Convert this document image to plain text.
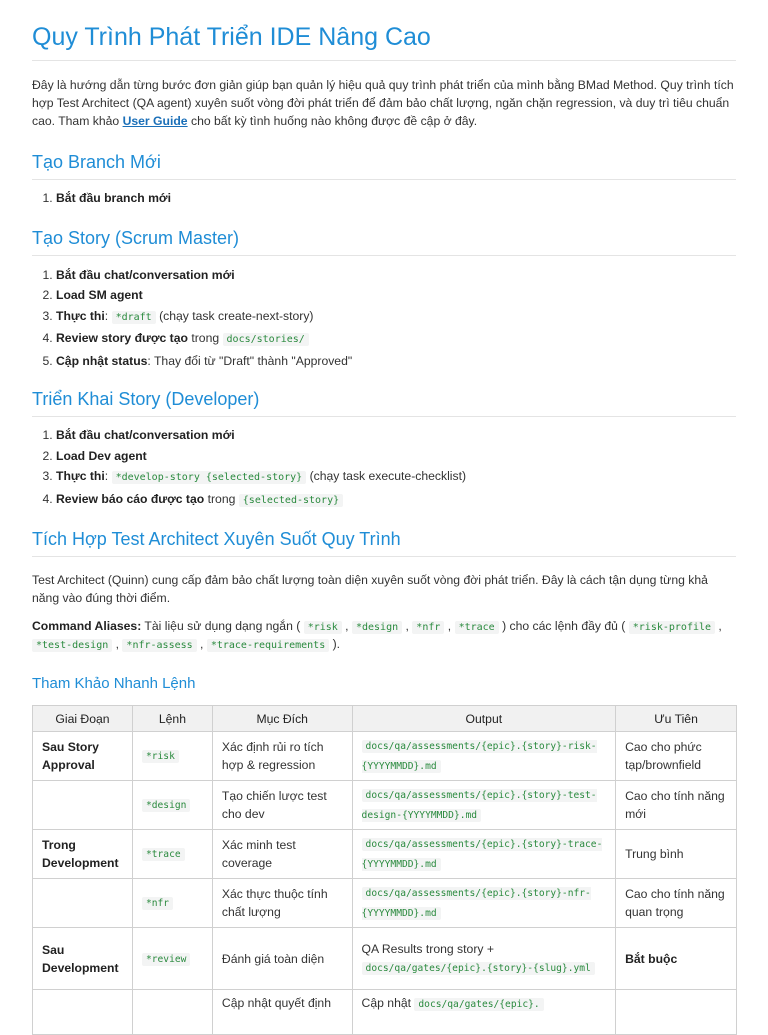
Quy Trình Phát Triển IDE Nâng Cao

Đây là hướng dẫn từng bước đơn giản giúp bạn quản lý hiệu quả quy trình phát triển của mình bằng BMad Method. Quy trình tích hợp Test Architect (QA agent) xuyên suốt vòng đời phát triển để đảm bảo chất lượng, ngăn chặn regression, và duy trì tiêu chuẩn cao. Tham khảo User Guide cho bất kỳ tình huống nào không được đề cập ở đây.

Tạo Branch Mới
1. Bắt đầu branch mới
Tạo Story (Scrum Master)
1. Bắt đầu chat/conversation mới
2. Load SM agent
3. Thực thi: *draft (chạy task create-next-story)
4. Review story được tạo trong docs/stories/
5. Cập nhật status: Thay đổi từ "Draft" thành "Approved"
Triển Khai Story (Developer)
1. Bắt đầu chat/conversation mới
2. Load Dev agent
3. Thực thi: *develop-story {selected-story} (chạy task execute-checklist)
4. Review báo cáo được tạo trong {selected-story}
Tích Hợp Test Architect Xuyên Suốt Quy Trình

Test Architect (Quinn) cung cấp đảm bảo chất lượng toàn diện xuyên suốt vòng đời phát triển. Đây là cách tận dụng từng khả năng vào đúng thời điểm.

Command Aliases: Tài liệu sử dụng dạng ngắn ( *risk , *design , *nfr , *trace ) cho các lệnh đầy đủ ( *risk-profile , *test-design , *nfr-assess , *trace-requirements ).

Tham Khảo Nhanh Lệnh
Giai Đoạn	Lệnh	Mục Đích	Output	Ưu Tiên
Sau Story Approval	*risk	Xác định rủi ro tích hợp & regression	docs/qa/assessments/{epic}.{story}-risk-{YYYYMMDD}.md	Cao cho phức tạp/brownfield
	*design	Tạo chiến lược test cho dev	docs/qa/assessments/{epic}.{story}-test-design-{YYYYMMDD}.md	Cao cho tính năng mới
Trong Development	*trace	Xác minh test coverage	docs/qa/assessments/{epic}.{story}-trace-{YYYYMMDD}.md	Trung bình
	*nfr	Xác thực thuộc tính chất lượng	docs/qa/assessments/{epic}.{story}-nfr-{YYYYMMDD}.md	Cao cho tính năng quan trọng
Sau Development	*review	Đánh giá toàn diện	QA Results trong story + docs/qa/gates/{epic}.{story}-{slug}.yml	Bắt buộc
		Cập nhật quyết định	Cập nhật docs/qa/gates/{epic}.	
